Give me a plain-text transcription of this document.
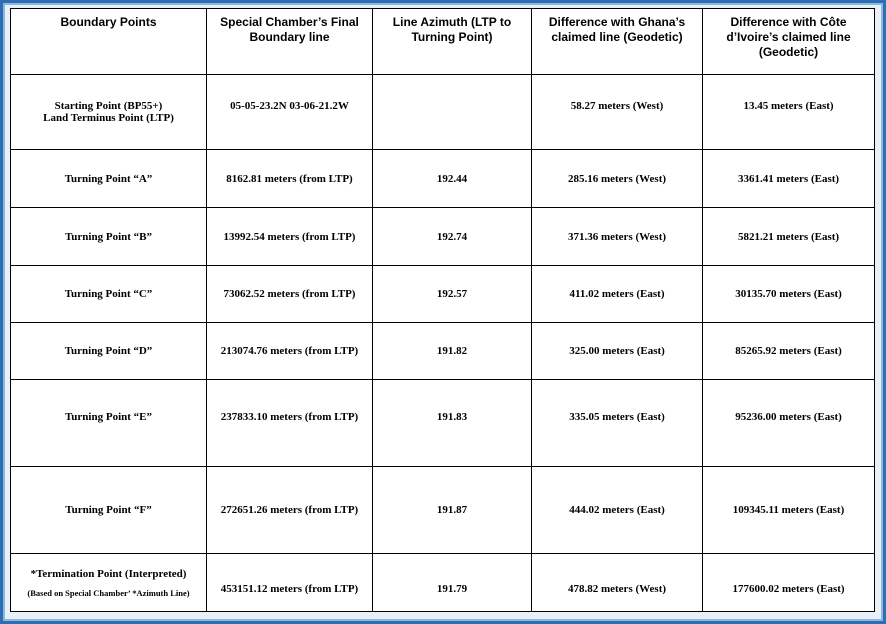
Boundary Points	Special Chamber’s Final Boundary line	Line Azimuth (LTP to Turning Point)	Difference with Ghana’s claimed line (Geodetic)	Difference with Côte d’Ivoire’s claimed line (Geodetic)

Starting Point (BP55+)
Land Terminus Point (LTP)	05-05-23.2N 03-06-21.2W		58.27 meters (West)	13.45 meters (East)
Turning Point “A”	8162.81 meters (from LTP)	192.44	285.16 meters (West)	3361.41 meters (East)
Turning Point “B”	13992.54 meters (from LTP)	192.74	371.36 meters (West)	5821.21 meters (East)
Turning Point “C”	73062.52 meters (from LTP)	192.57	411.02 meters (East)	30135.70 meters (East)
Turning Point “D”	213074.76 meters (from LTP)	191.82	325.00 meters (East)	85265.92 meters (East)
Turning Point “E”	237833.10 meters (from LTP)	191.83	335.05 meters (East)	95236.00 meters (East)
Turning Point “F”	272651.26 meters (from LTP)	191.87	444.02 meters (East)	109345.11 meters (East)

*Termination Point (Interpreted)
(Based on Special Chamber’ *Azimuth Line)	453151.12 meters (from LTP)	191.79	478.82 meters (West)	177600.02 meters (East)
